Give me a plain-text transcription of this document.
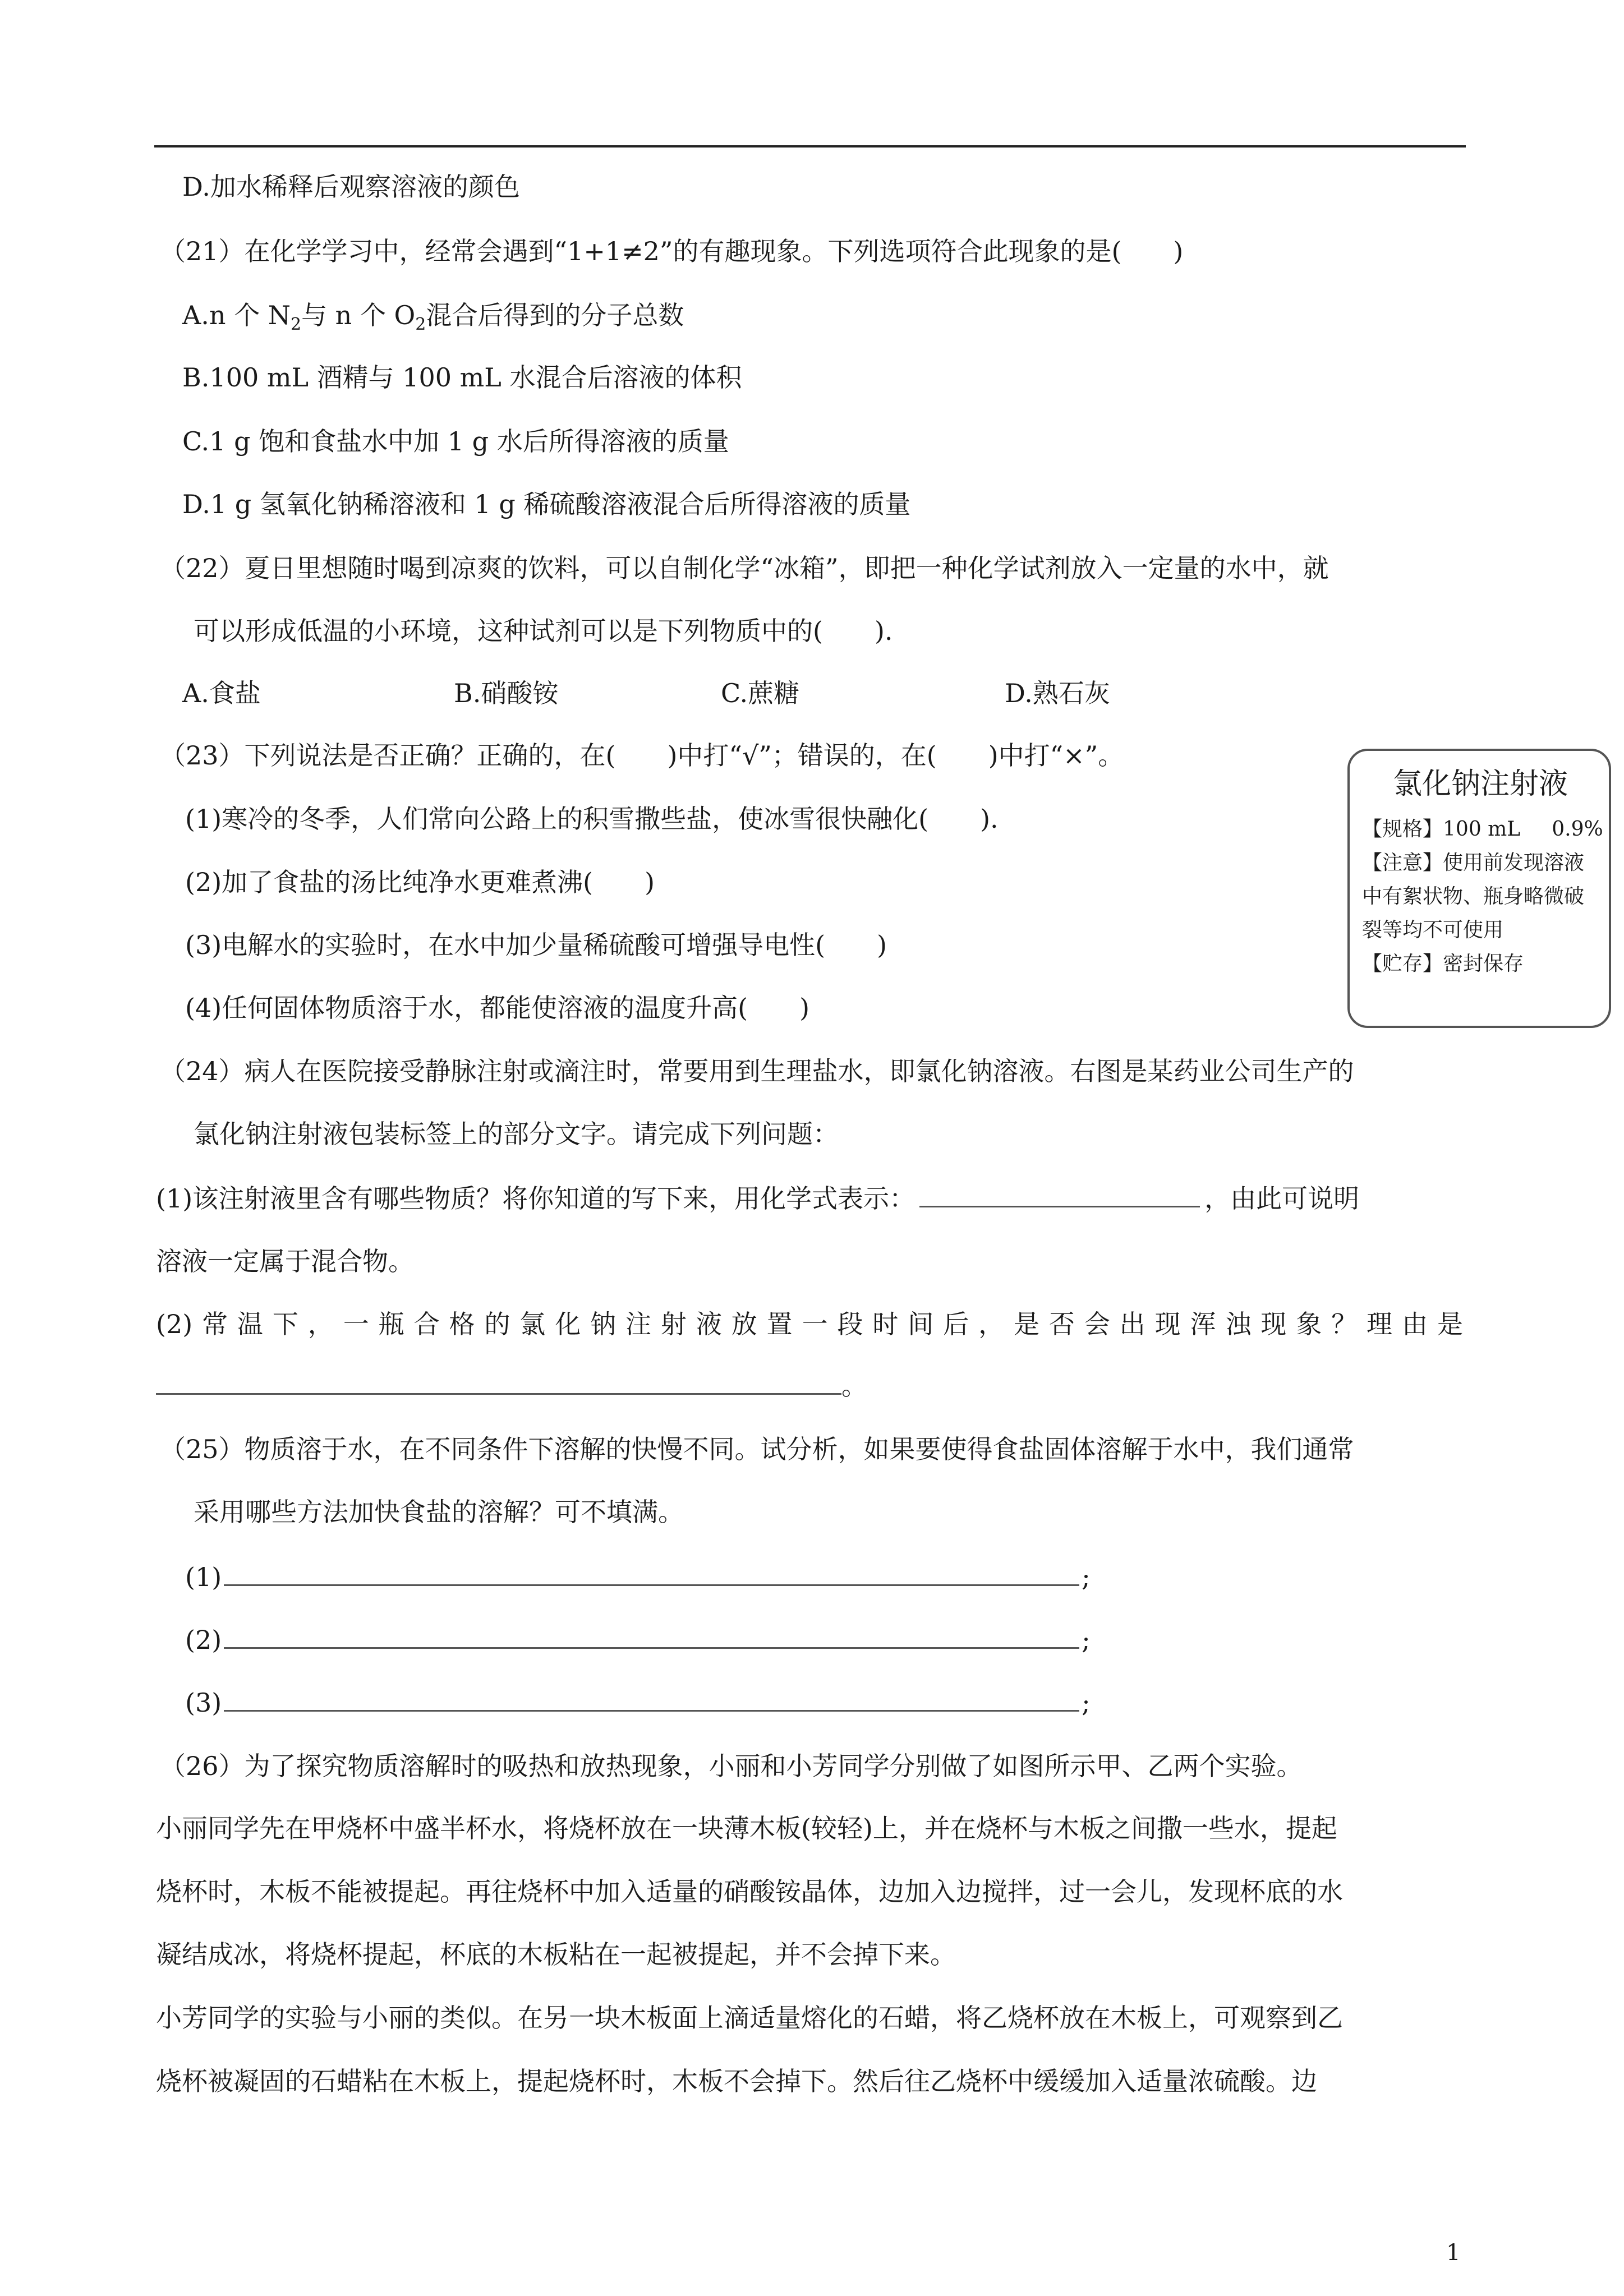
D.加水稀释后观察溶液的颜色
（21）在化学学习中，经常会遇到“1+1≠2”的有趣现象。下列选项符合此现象的是(　　)
A.n 个 $N_2$与 n 个 $O_2$混合后得到的分子总数
B.100 mL 酒精与 100 mL 水混合后溶液的体积
C.1 g 饱和食盐水中加 1 g 水后所得溶液的质量
D.1 g 氢氧化钠稀溶液和 1 g 稀硫酸溶液混合后所得溶液的质量
（22）夏日里想随时喝到凉爽的饮料，可以自制化学“冰箱”，即把一种化学试剂放入一定量的水中，就
可以形成低温的小环境，这种试剂可以是下列物质中的(　　).
A.食盐	B.硝酸铵	C.蔗糖	D.熟石灰
（23）下列说法是否正确？正确的，在(　　)中打“√”；错误的，在(　　)中打“×”。
(1)寒冷的冬季，人们常向公路上的积雪撒些盐，使冰雪很快融化(　　).
(2)加了食盐的汤比纯净水更难煮沸(　　)
(3)电解水的实验时，在水中加少量稀硫酸可增强导电性(　　)
(4)任何固体物质溶于水，都能使溶液的温度升高(　　)
氯化钠注射液
【规格】100 mL 0.9%
【注意】使用前发现溶液
中有絮状物、瓶身略微破
裂等均不可使用
【贮存】密封保存
（24）病人在医院接受静脉注射或滴注时，常要用到生理盐水，即氯化钠溶液。右图是某药业公司生产的
氯化钠注射液包装标签上的部分文字。请完成下列问题：
(1)该注射液里含有哪些物质？将你知道的写下来，用化学式表示：	，由此可说明
溶液一定属于混合物。
(2)常温下，一瓶合格的氯化钠注射液放置一段时间后，是否会出现浑浊现象？理由是
。
（25）物质溶于水，在不同条件下溶解的快慢不同。试分析，如果要使得食盐固体溶解于水中，我们通常
采用哪些方法加快食盐的溶解？可不填满。
(1)	;
(2)	;
(3)	;
（26）为了探究物质溶解时的吸热和放热现象，小丽和小芳同学分别做了如图所示甲、乙两个实验。
小丽同学先在甲烧杯中盛半杯水，将烧杯放在一块薄木板(较轻)上，并在烧杯与木板之间撒一些水，提起
烧杯时，木板不能被提起。再往烧杯中加入适量的硝酸铵晶体，边加入边搅拌，过一会儿，发现杯底的水
凝结成冰，将烧杯提起，杯底的木板粘在一起被提起，并不会掉下来。
小芳同学的实验与小丽的类似。在另一块木板面上滴适量熔化的石蜡，将乙烧杯放在木板上，可观察到乙
烧杯被凝固的石蜡粘在木板上，提起烧杯时，木板不会掉下。然后往乙烧杯中缓缓加入适量浓硫酸。边
1
